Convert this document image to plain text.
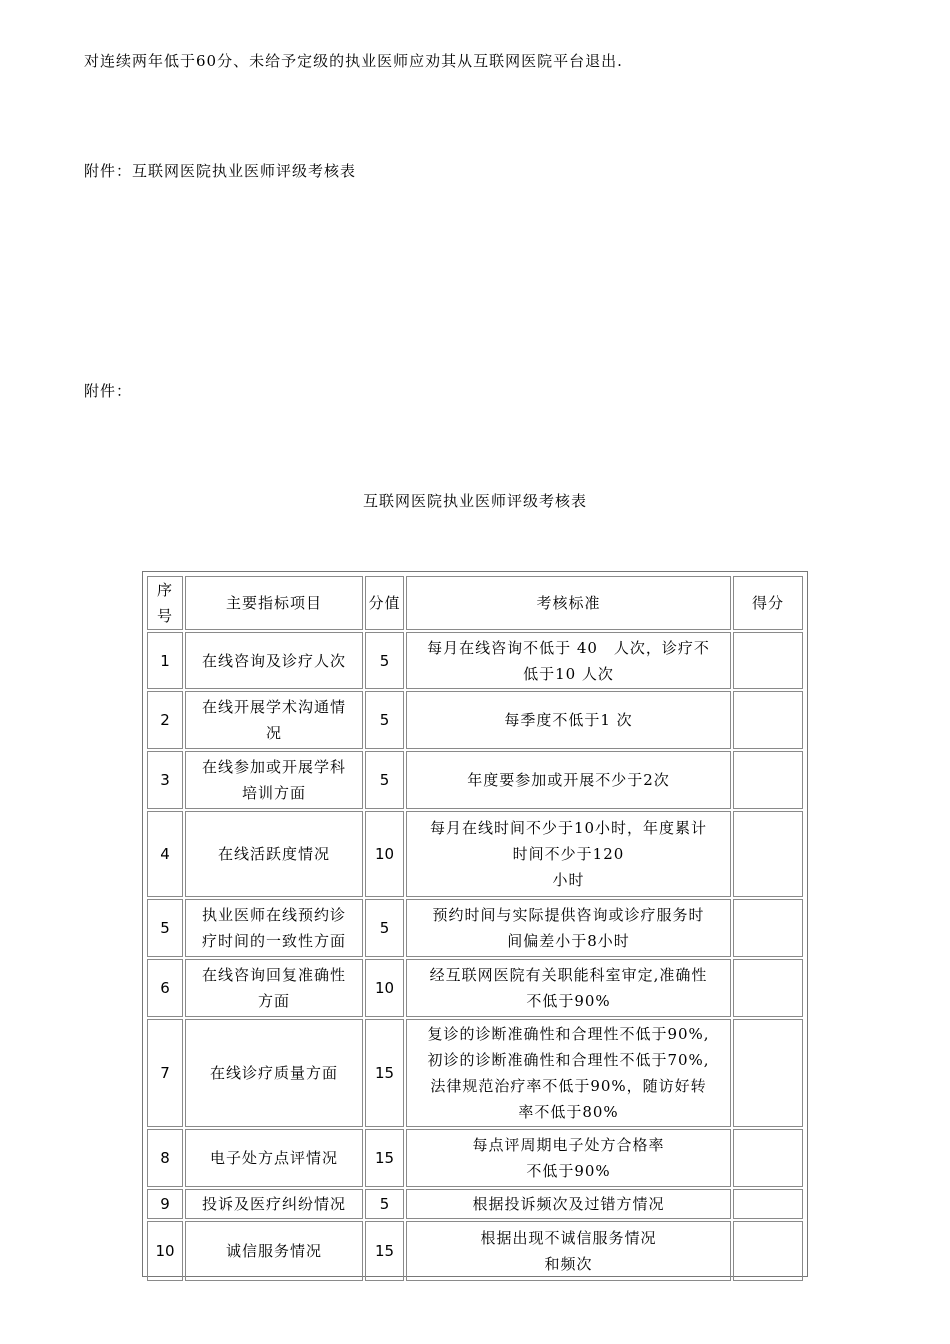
对连续两年低于60分、未给予定级的执业医师应劝其从互联网医院平台退出.
附件：互联网医院执业医师评级考核表
附件：
互联网医院执业医师评级考核表
序号	主要指标项目	分值	考核标准	得分
1	在线咨询及诊疗人次	5	每月在线咨询不低于 40　人次，诊疗不
低于10 人次	
2	在线开展学术沟通情
况	5	每季度不低于1 次	
3	在线参加或开展学科
培训方面	5	年度要参加或开展不少于2次	
4	在线活跃度情况	10	每月在线时间不少于10小时，年度累计
时间不少于120
小时	
5	执业医师在线预约诊
疗时间的一致性方面	5	预约时间与实际提供咨询或诊疗服务时
间偏差小于8小时	
6	在线咨询回复准确性
方面	10	经互联网医院有关职能科室审定,准确性
不低于90%	
7	在线诊疗质量方面	15	复诊的诊断准确性和合理性不低于90%,
初诊的诊断准确性和合理性不低于70%,
法律规范治疗率不低于90%，随访好转
率不低于80%	
8	电子处方点评情况	15	每点评周期电子处方合格率
不低于90%	
9	投诉及医疗纠纷情况	5	根据投诉频次及过错方情况	
10	诚信服务情况	15	根据出现不诚信服务情况
和频次	
